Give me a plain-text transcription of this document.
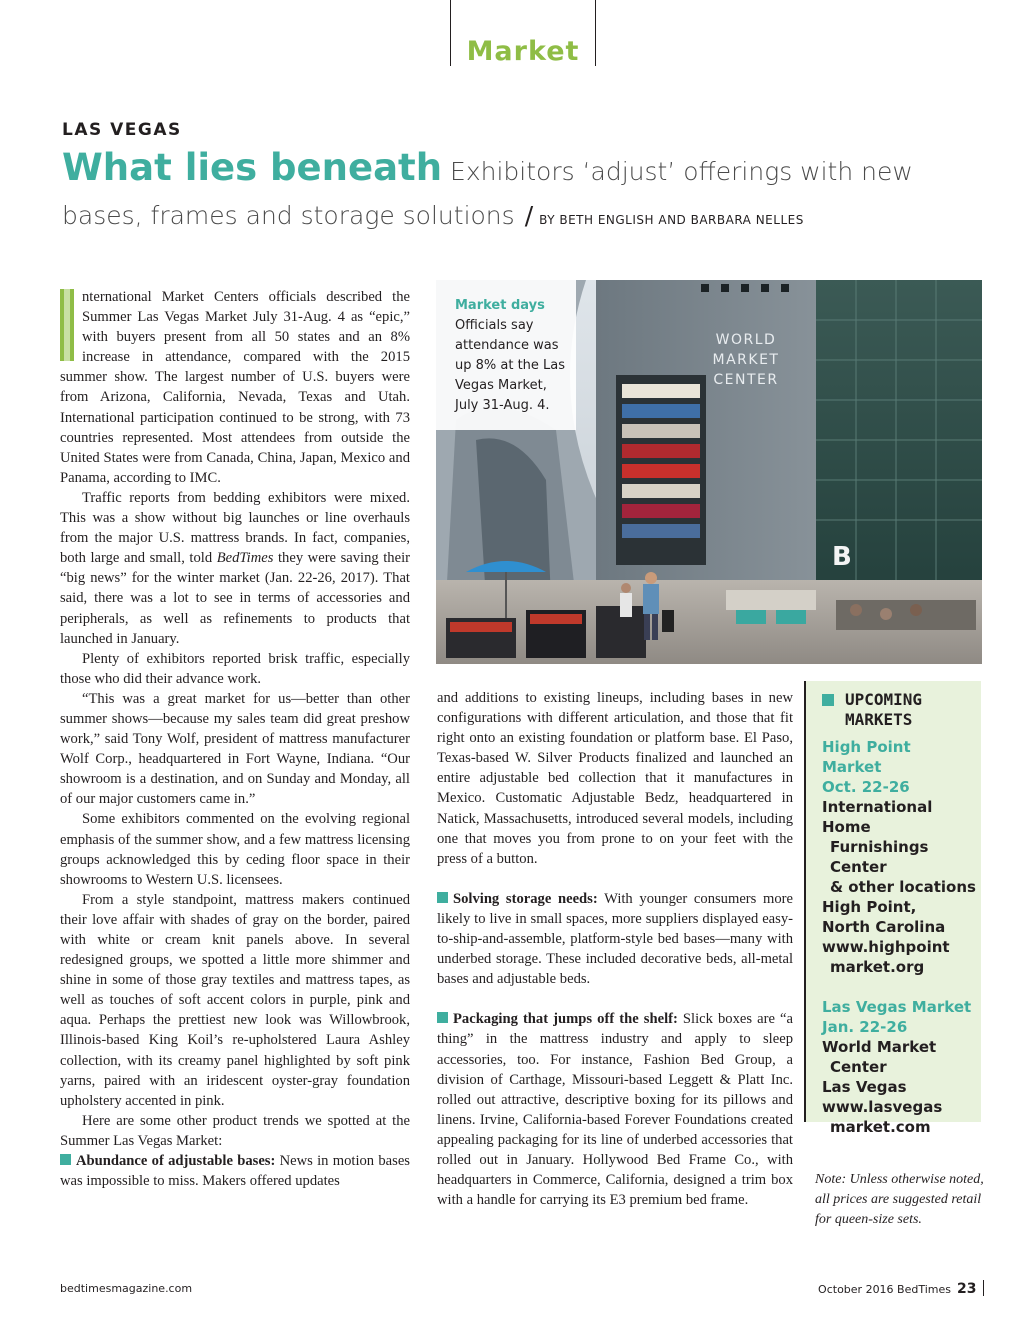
Market
LAS VEGAS
What lies beneath Exhibitors ‘adjust’ offerings with new bases, frames and storage solutions / BY BETH ENGLISH AND BARBARA NELLES

nternational Market Centers officials described the Summer Las Vegas Market July 31-Aug. 4 as “epic,” with buyers present from all 50 states and an 8% increase in attendance, compared with the 2015 summer show. The largest number of U.S. buyers were from Arizona, California, Nevada, Texas and Utah. International participation continued to be strong, with 73 countries represented. Most attendees from outside the United States were from Canada, China, Japan, Mexico and Panama, according to IMC.

Traffic reports from bedding exhibitors were mixed. This was a show without big launches or line overhauls from the major U.S. mattress brands. In fact, companies, both large and small, told BedTimes they were saving their “big news” for the winter market (Jan. 22-26, 2017). That said, there was a lot to see in terms of accessories and peripherals, as well as refinements to products that launched in January.

Plenty of exhibitors reported brisk traffic, especially those who did their advance work.

“This was a great market for us—better than other summer shows—because my sales team did great preshow work,” said Tony Wolf, president of mattress manufacturer Wolf Corp., headquartered in Fort Wayne, Indiana. “Our showroom is a destination, and on Sunday and Monday, all of our major customers came in.”

Some exhibitors commented on the evolving regional emphasis of the summer show, and a few mattress licensing groups acknowledged this by ceding floor space in their showrooms to Western U.S. licensees.

From a style standpoint, mattress makers continued their love affair with shades of gray on the border, paired with white or cream knit panels above. In several redesigned groups, we spotted a little more shimmer and shine in some of those gray textiles and mattress tapes, as well as touches of soft accent colors in purple, pink and aqua. Perhaps the prettiest new look was Willowbrook, Illinois-based King Koil’s re-upholstered Laura Ashley collection, with its creamy panel highlighted by soft pink yarns, paired with an iridescent oyster-gray foundation upholstery accented in pink.

Here are some other product trends we spotted at the Summer Las Vegas Market:

Abundance of adjustable bases: News in motion bases was impossible to miss. Makers offered updates

WORLD
MARKET
CENTER
B
Market days
Officials say attendance was up 8% at the Las Vegas Market, July 31-Aug. 4.

and additions to existing lineups, including bases in new configurations with different articulation, and those that fit right onto an existing foundation or platform base. El Paso, Texas-based W. Silver Products finalized and launched an entire adjustable bed collection that it manufactures in Mexico. Customatic Adjustable Bedz, headquartered in Natick, Massachusetts, introduced several models, including one that moves you from prone to on your feet with the press of a button.

Solving storage needs: With younger consumers more likely to live in small spaces, more suppliers displayed easy-to-ship-and-assemble, platform-style bed bases—many with underbed storage. These included decorative beds, all-metal bases and adjustable beds.

Packaging that jumps off the shelf: Slick boxes are “a thing” in the mattress industry and apply to sleep accessories, too. For instance, Fashion Bed Group, a division of Carthage, Missouri-based Leggett & Platt Inc. rolled out attractive, descriptive boxing for its pillows and linens. Irvine, California-based Forever Foundations created appealing packaging for its line of underbed accessories that rolled out in January. Hollywood Bed Frame Co., with headquarters in Commerce, California, designed a trim box with a handle for carrying its E3 premium bed frame.

UPCOMING
MARKETS
High Point
Market
Oct. 22-26
International Home
Furnishings Center
& other locations
High Point,
North Carolina
www.highpoint
market.org
Las Vegas Market
Jan. 22-26
World Market
Center
Las Vegas
www.lasvegas
market.com
Note: Unless otherwise noted, all prices are suggested retail for queen-size sets.
bedtimesmagazine.com	October 2016 BedTimes 23
